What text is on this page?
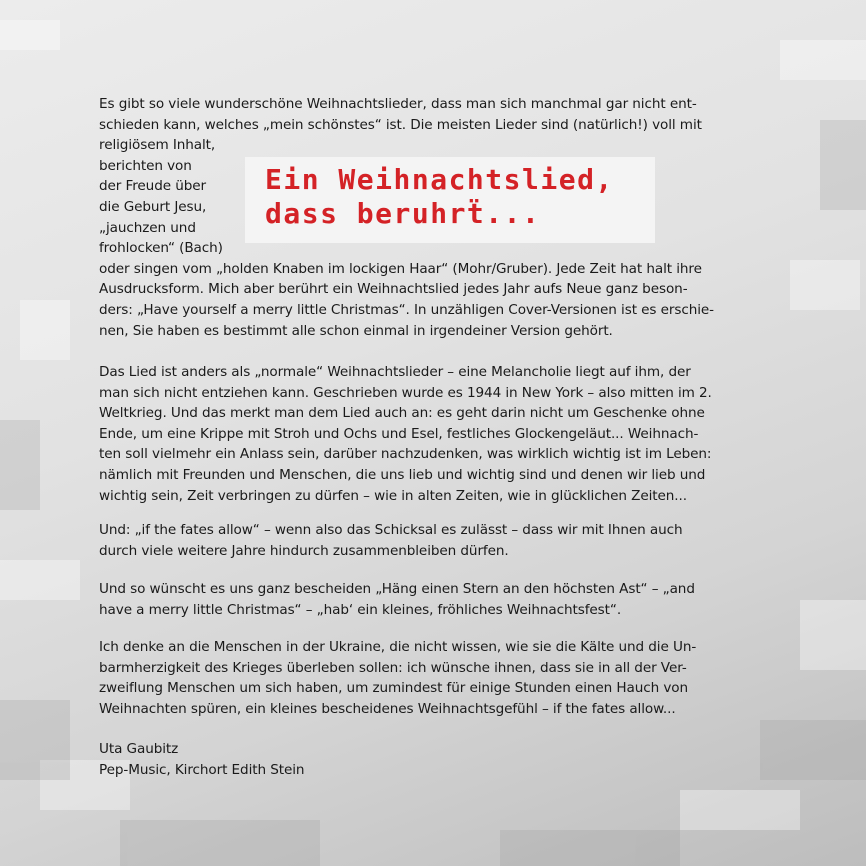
Es gibt so viele wunderschöne Weihnachtslieder, dass man sich manchmal gar nicht ent-
schieden kann, welches „mein schönstes“ ist. Die meisten Lieder sind (natürlich!) voll mit
religiösem Inhalt,
berichten von
der Freude über
die Geburt Jesu,
„jauchzen und
frohlocken“ (Bach)
oder singen vom „holden Knaben im lockigen Haar“ (Mohr/Gruber). Jede Zeit hat halt ihre
Ausdrucksform. Mich aber berührt ein Weihnachtslied jedes Jahr aufs Neue ganz beson-
ders: „Have yourself a merry little Christmas“. In unzähligen Cover-Versionen ist es erschie-
nen, Sie haben es bestimmt alle schon einmal in irgendeiner Version gehört.
Das Lied ist anders als „normale“ Weihnachtslieder – eine Melancholie liegt auf ihm, der
man sich nicht entziehen kann. Geschrieben wurde es 1944 in New York – also mitten im 2.
Weltkrieg. Und das merkt man dem Lied auch an: es geht darin nicht um Geschenke ohne
Ende, um eine Krippe mit Stroh und Ochs und Esel, festliches Glockengeläut... Weihnach-
ten soll vielmehr ein Anlass sein, darüber nachzudenken, was wirklich wichtig ist im Leben:
nämlich mit Freunden und Menschen, die uns lieb und wichtig sind und denen wir lieb und
wichtig sein, Zeit verbringen zu dürfen – wie in alten Zeiten, wie in glücklichen Zeiten...
Und: „if the fates allow“ – wenn also das Schicksal es zulässt – dass wir mit Ihnen auch
durch viele weitere Jahre hindurch zusammenbleiben dürfen.
Und so wünscht es uns ganz bescheiden „Häng einen Stern an den höchsten Ast“ – „and
have a merry little Christmas“ – „hab‘ ein kleines, fröhliches Weihnachtsfest“.
Ich denke an die Menschen in der Ukraine, die nicht wissen, wie sie die Kälte und die Un-
barmherzigkeit des Krieges überleben sollen: ich wünsche ihnen, dass sie in all der Ver-
zweiflung Menschen um sich haben, um zumindest für einige Stunden einen Hauch von
Weihnachten spüren, ein kleines bescheidenes Weihnachtsgefühl – if the fates allow...
Uta Gaubitz
Pep-Music, Kirchort Edith Stein
Ein Weihnachtslied,
dass beruhrẗ...
